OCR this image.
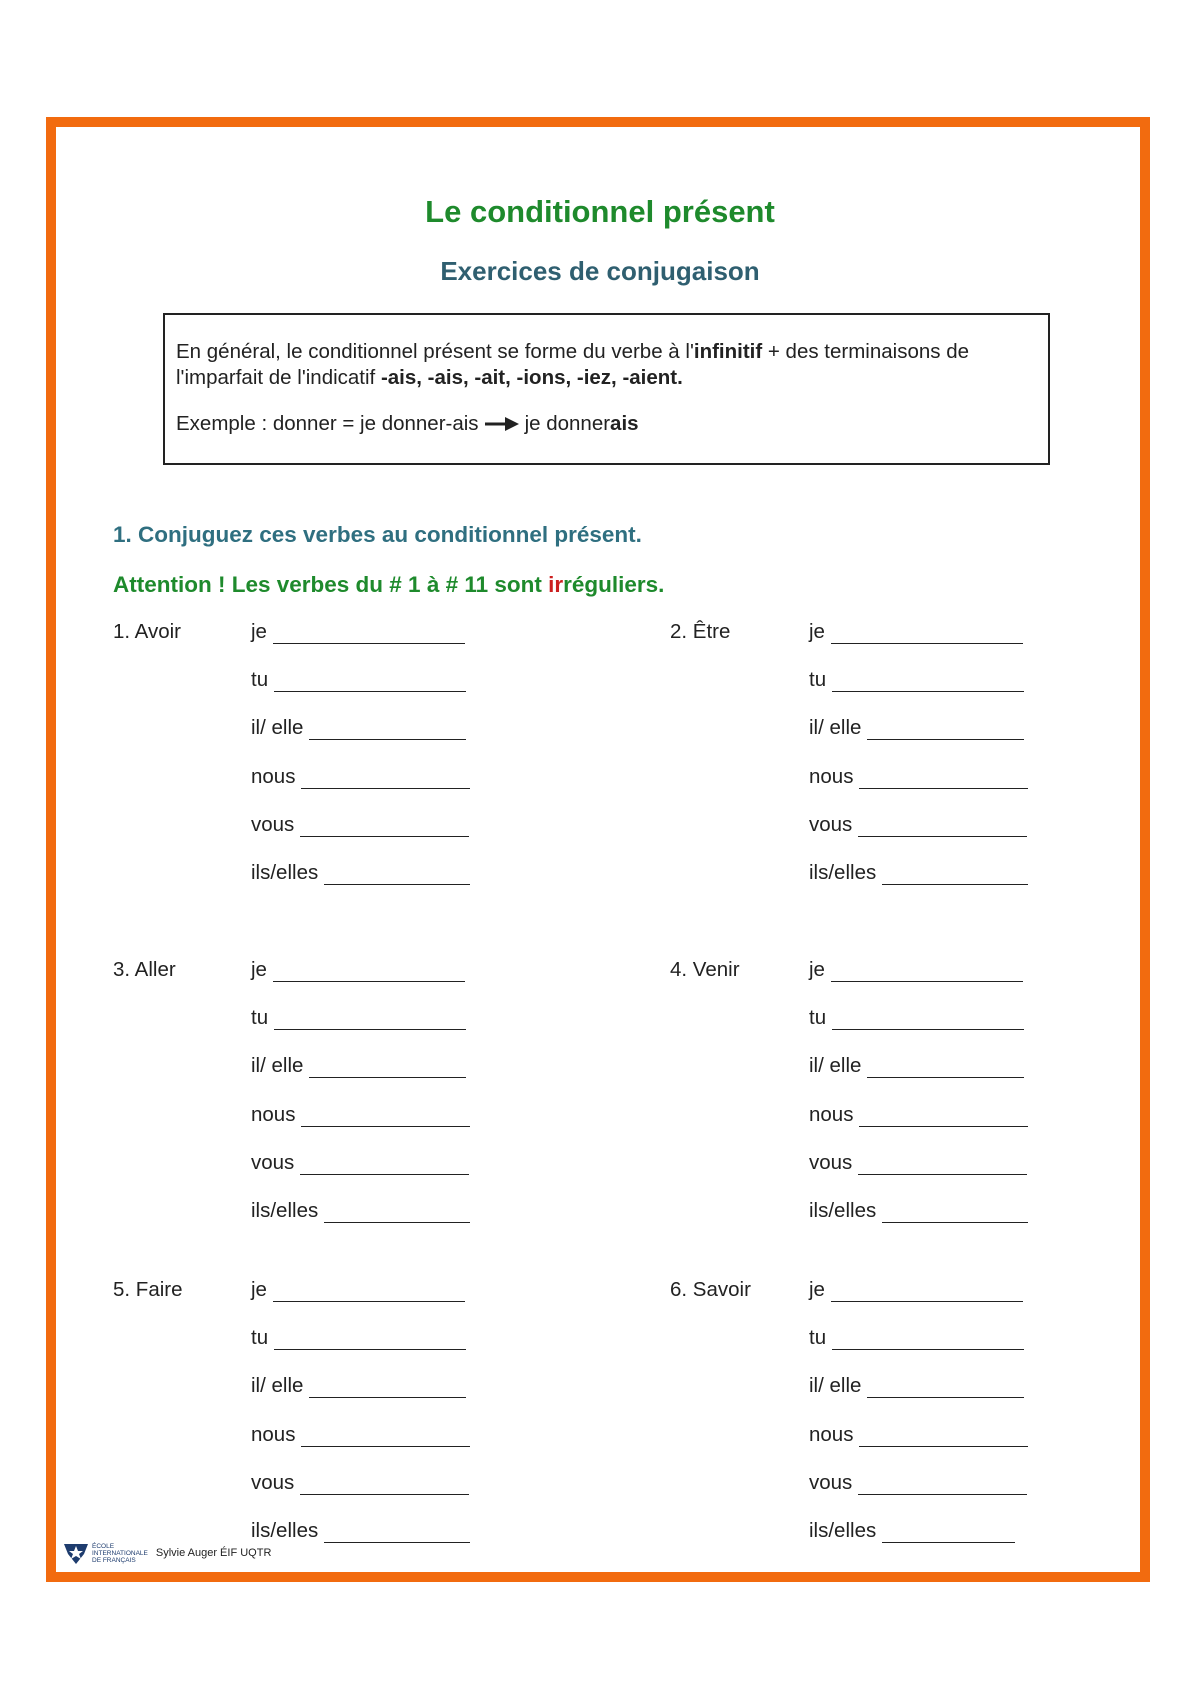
Le conditionnel présent
Exercices de conjugaison

En général, le conditionnel présent se forme du verbe à l'infinitif + des terminaisons de l'imparfait de l'indicatif -ais, -ais, -ait, -ions, -iez, -aient.

Exemple : donner = je donner-ais je donnerais

1. Conjuguez ces verbes au conditionnel présent.
Attention ! Les verbes du # 1 à # 11 sont irréguliers.
1. Avoir	je
tu
il/ elle
nous
vous
ils/elles
2. Être	je
tu
il/ elle
nous
vous
ils/elles
3. Aller	je
tu
il/ elle
nous
vous
ils/elles
4. Venir	je
tu
il/ elle
nous
vous
ils/elles
5. Faire	je
tu
il/ elle
nous
vous
ils/elles
6. Savoir	je
tu
il/ elle
nous
vous
ils/elles
ÉCOLE
INTERNATIONALE
DE FRANÇAIS
Sylvie Auger ÉIF UQTR
